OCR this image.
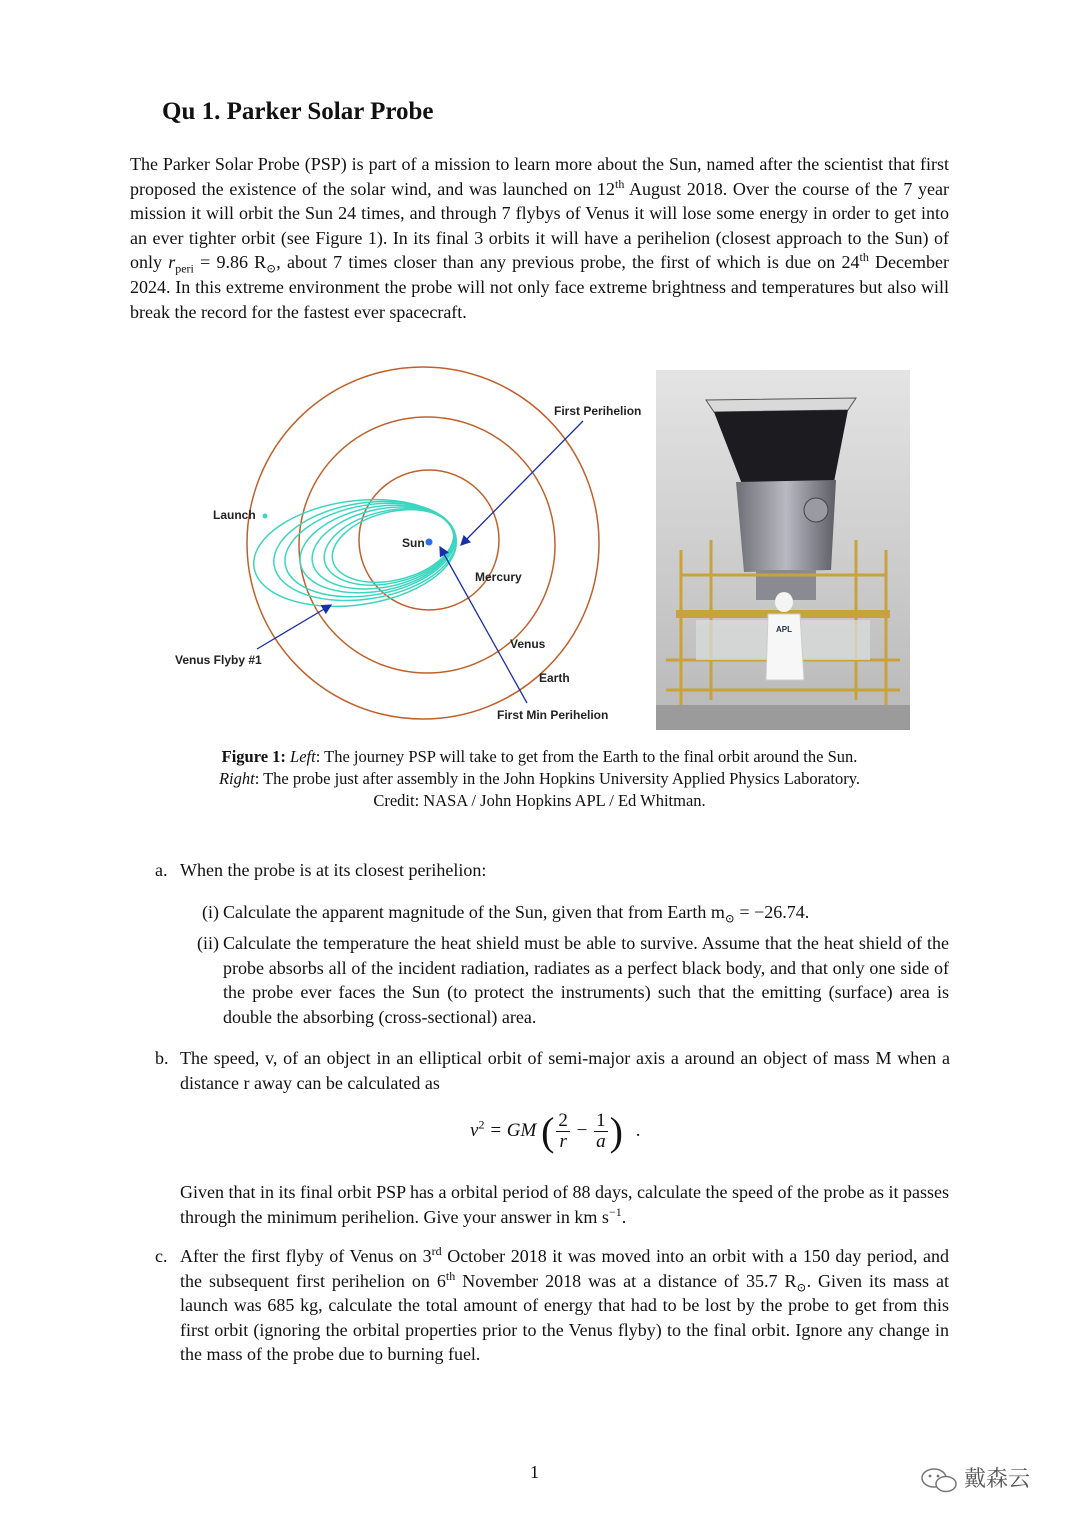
Qu 1. Parker Solar Probe

The Parker Solar Probe (PSP) is part of a mission to learn more about the Sun, named after the scientist that first proposed the existence of the solar wind, and was launched on 12th August 2018. Over the course of the 7 year mission it will orbit the Sun 24 times, and through 7 flybys of Venus it will lose some energy in order to get into an ever tighter orbit (see Figure 1). In its final 3 orbits it will have a perihelion (closest approach to the Sun) of only $r_{peri} = 9.86$ $R_⊙$, about 7 times closer than any previous probe, the first of which is due on 24th December 2024. In this extreme environment the probe will not only face extreme brightness and temperatures but also will break the record for the fastest ever spacecraft.

First Perihelion
Launch
Sun
Mercury
Venus
Earth
Venus Flyby #1
First Min Perihelion
APL
Figure 1: Left: The journey PSP will take to get from the Earth to the final orbit around the Sun.
Right: The probe just after assembly in the John Hopkins University Applied Physics Laboratory.
Credit: NASA / John Hopkins APL / Ed Whitman.
a. When the probe is at its closest perihelion:
(i) Calculate the apparent magnitude of the Sun, given that from Earth $m_⊙ = -26.74$.
(ii) Calculate the temperature the heat shield must be able to survive. Assume that the heat shield of the probe absorbs all of the incident radiation, radiates as a perfect black body, and that only one side of the probe ever faces the Sun (to protect the instruments) such that the emitting (surface) area is double the absorbing (cross-sectional) area.
b. The speed, v, of an object in an elliptical orbit of semi-major axis a around an object of mass M when a distance r away can be calculated as
$v^2$ = GM ( $\frac{2}{r} - \frac{1}{a}$ ) .
Given that in its final orbit PSP has a orbital period of 88 days, calculate the speed of the probe as it passes through the minimum perihelion. Give your answer in km $s^{-1}$.
c. After the first flyby of Venus on 3rd October 2018 it was moved into an orbit with a 150 day period, and the subsequent first perihelion on 6th November 2018 was at a distance of 35.7 $R_⊙$. Given its mass at launch was 685 kg, calculate the total amount of energy that had to be lost by the probe to get from this first orbit (ignoring the orbital properties prior to the Venus flyby) to the final orbit. Ignore any change in the mass of the probe due to burning fuel.
1	戴森云
